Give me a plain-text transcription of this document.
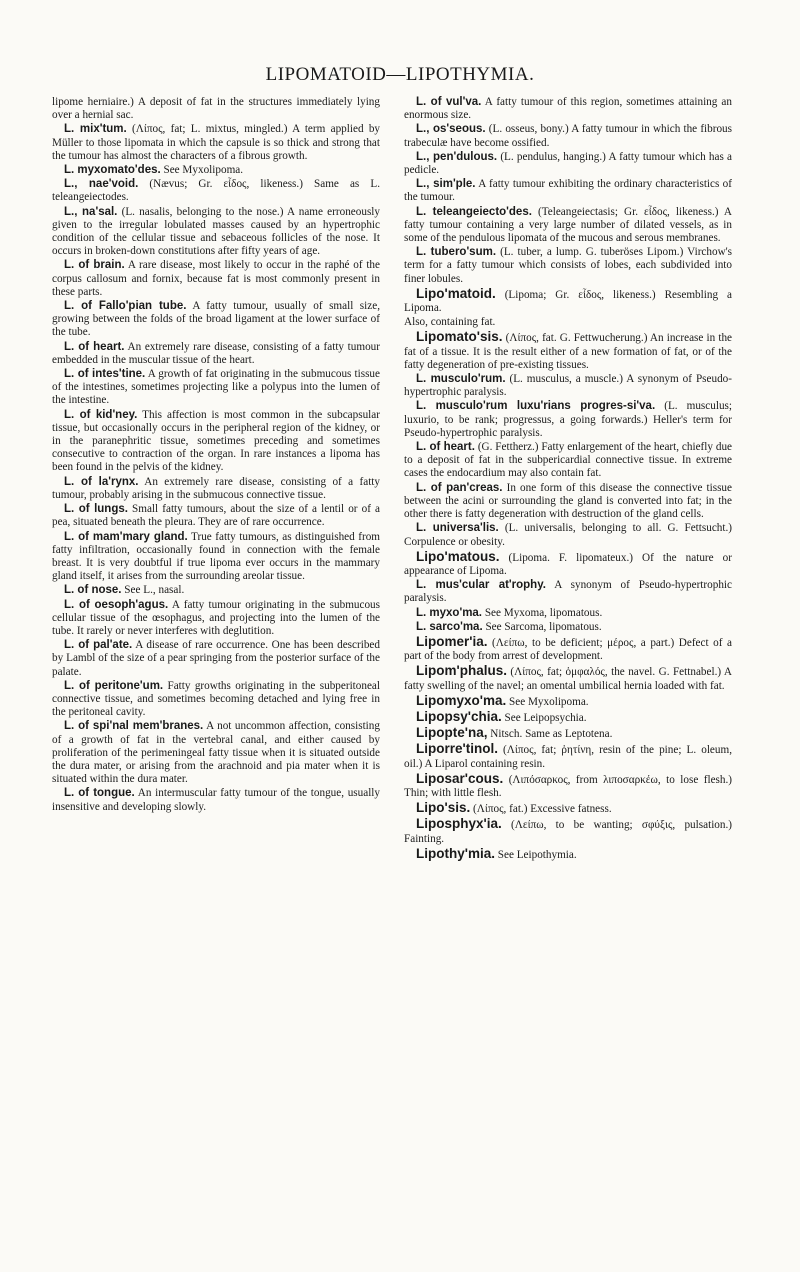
LIPOMATOID—LIPOTHYMIA.

lipome herniaire.) A deposit of fat in the structures immediately lying over a hernial sac.

L. mix'tum. (Λίπος, fat; L. mixtus, mingled.) A term applied by Müller to those lipomata in which the capsule is so thick and strong that the tumour has almost the characters of a fibrous growth.

L. myxomato'des. See Myxolipoma.

L., nae'void. (Nævus; Gr. εἶδος, likeness.) Same as L. teleangeiectodes.

L., na'sal. (L. nasalis, belonging to the nose.) A name erroneously given to the irregular lobulated masses caused by an hypertrophic condition of the cellular tissue and sebaceous follicles of the nose. It occurs in broken-down constitutions after fifty years of age.

L. of brain. A rare disease, most likely to occur in the raphé of the corpus callosum and fornix, because fat is most commonly present in these parts.

L. of Fallo'pian tube. A fatty tumour, usually of small size, growing between the folds of the broad ligament at the lower surface of the tube.

L. of heart. An extremely rare disease, consisting of a fatty tumour embedded in the muscular tissue of the heart.

L. of intes'tine. A growth of fat originating in the submucous tissue of the intestines, sometimes projecting like a polypus into the lumen of the intestine.

L. of kid'ney. This affection is most common in the subcapsular tissue, but occasionally occurs in the peripheral region of the kidney, or in the paranephritic tissue, sometimes preceding and sometimes consecutive to contraction of the organ. In rare instances a lipoma has been found in the pelvis of the kidney.

L. of la'rynx. An extremely rare disease, consisting of a fatty tumour, probably arising in the submucous connective tissue.

L. of lungs. Small fatty tumours, about the size of a lentil or of a pea, situated beneath the pleura. They are of rare occurrence.

L. of mam'mary gland. True fatty tumours, as distinguished from fatty infiltration, occasionally found in connection with the female breast. It is very doubtful if true lipoma ever occurs in the mammary gland itself, it arises from the surrounding areolar tissue.

L. of nose. See L., nasal.

L. of oesoph'agus. A fatty tumour originating in the submucous cellular tissue of the œsophagus, and projecting into the lumen of the tube. It rarely or never interferes with deglutition.

L. of pal'ate. A disease of rare occurrence. One has been described by Lambl of the size of a pear springing from the posterior surface of the palate.

L. of peritone'um. Fatty growths originating in the subperitoneal connective tissue, and sometimes becoming detached and lying free in the peritoneal cavity.

L. of spi'nal mem'branes. A not uncommon affection, consisting of a growth of fat in the vertebral canal, and either caused by proliferation of the perimeningeal fatty tissue when it is situated outside the dura mater, or arising from the arachnoid and pia mater when it is situated within the dura mater.

L. of tongue. An intermuscular fatty tumour of the tongue, usually insensitive and developing slowly.

L. of vul'va. A fatty tumour of this region, sometimes attaining an enormous size.

L., os'seous. (L. osseus, bony.) A fatty tumour in which the fibrous trabeculæ have become ossified.

L., pen'dulous. (L. pendulus, hanging.) A fatty tumour which has a pedicle.

L., sim'ple. A fatty tumour exhibiting the ordinary characteristics of the tumour.

L. teleangeiecto'des. (Teleangeiectasis; Gr. εἶδος, likeness.) A fatty tumour containing a very large number of dilated vessels, as in some of the pendulous lipomata of the mucous and serous membranes.

L. tubero'sum. (L. tuber, a lump. G. tuberöses Lipom.) Virchow's term for a fatty tumour which consists of lobes, each subdivided into finer lobules.

Lipo'matoid. (Lipoma; Gr. εἶδος, likeness.) Resembling a Lipoma.

Also, containing fat.

Lipomato'sis. (Λίπος, fat. G. Fettwucherung.) An increase in the fat of a tissue. It is the result either of a new formation of fat, or of the fatty degeneration of pre-existing tissues.

L. musculo'rum. (L. musculus, a muscle.) A synonym of Pseudo-hypertrophic paralysis.

L. musculo'rum luxu'rians progres-si'va. (L. musculus; luxurio, to be rank; progressus, a going forwards.) Heller's term for Pseudo-hypertrophic paralysis.

L. of heart. (G. Fettherz.) Fatty enlargement of the heart, chiefly due to a deposit of fat in the subpericardial connective tissue. In extreme cases the endocardium may also contain fat.

L. of pan'creas. In one form of this disease the connective tissue between the acini or surrounding the gland is converted into fat; in the other there is fatty degeneration with destruction of the gland cells.

L. universa'lis. (L. universalis, belonging to all. G. Fettsucht.) Corpulence or obesity.

Lipo'matous. (Lipoma. F. lipomateux.) Of the nature or appearance of Lipoma.

L. mus'cular at'rophy. A synonym of Pseudo-hypertrophic paralysis.

L. myxo'ma. See Myxoma, lipomatous.

L. sarco'ma. See Sarcoma, lipomatous.

Lipomer'ia. (Λείπω, to be deficient; μέρος, a part.) Defect of a part of the body from arrest of development.

Lipom'phalus. (Λίπος, fat; ὀμφαλός, the navel. G. Fettnabel.) A fatty swelling of the navel; an omental umbilical hernia loaded with fat.

Lipomyxo'ma. See Myxolipoma.

Lipopsy'chia. See Leipopsychia.

Lipopte'na, Nitsch. Same as Leptotena.

Liporre'tinol. (Λίπος, fat; ῥητίνη, resin of the pine; L. oleum, oil.) A Liparol containing resin.

Liposar'cous. (Λιπόσαρκος, from λιποσαρκέω, to lose flesh.) Thin; with little flesh.

Lipo'sis. (Λίπος, fat.) Excessive fatness.

Liposphyx'ia. (Λείπω, to be wanting; σφύξις, pulsation.) Fainting.

Lipothy'mia. See Leipothymia.
